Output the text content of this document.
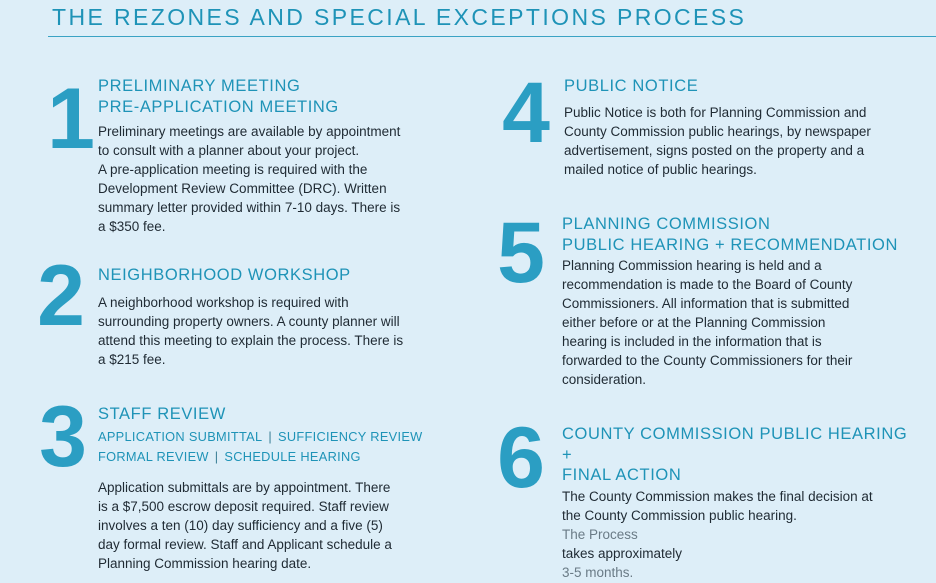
THE REZONES AND SPECIAL EXCEPTIONS PROCESS
1 PRELIMINARY MEETING
PRE-APPLICATION MEETING
Preliminary meetings are available by appointment
to consult with a planner about your project.
A pre-application meeting is required with the
Development Review Committee (DRC). Written
summary letter provided within 7-10 days. There is
a $350 fee.
2 NEIGHBORHOOD WORKSHOP
A neighborhood workshop is required with
surrounding property owners. A county planner will
attend this meeting to explain the process. There is
a $215 fee.
3 STAFF REVIEW
APPLICATION SUBMITTAL | SUFFICIENCY REVIEW
FORMAL REVIEW | SCHEDULE HEARING
Application submittals are by appointment. There
is a $7,500 escrow deposit required. Staff review
involves a ten (10) day sufficiency and a five (5)
day formal review. Staff and Applicant schedule a
Planning Commission hearing date.
4 PUBLIC NOTICE
Public Notice is both for Planning Commission and
County Commission public hearings, by newspaper
advertisement, signs posted on the property and a
mailed notice of public hearings.
5	PLANNING COMMISSION
PUBLIC HEARING + RECOMMENDATION
Planning Commission hearing is held and a
recommendation is made to the Board of County
Commissioners. All information that is submitted
either before or at the Planning Commission
hearing is included in the information that is
forwarded to the County Commissioners for their
consideration.
6	COUNTY COMMISSION PUBLIC HEARING +
FINAL ACTION
The County Commission makes the final decision at
the County Commission public hearing.
The Process
takes approximately
3-5 months.
